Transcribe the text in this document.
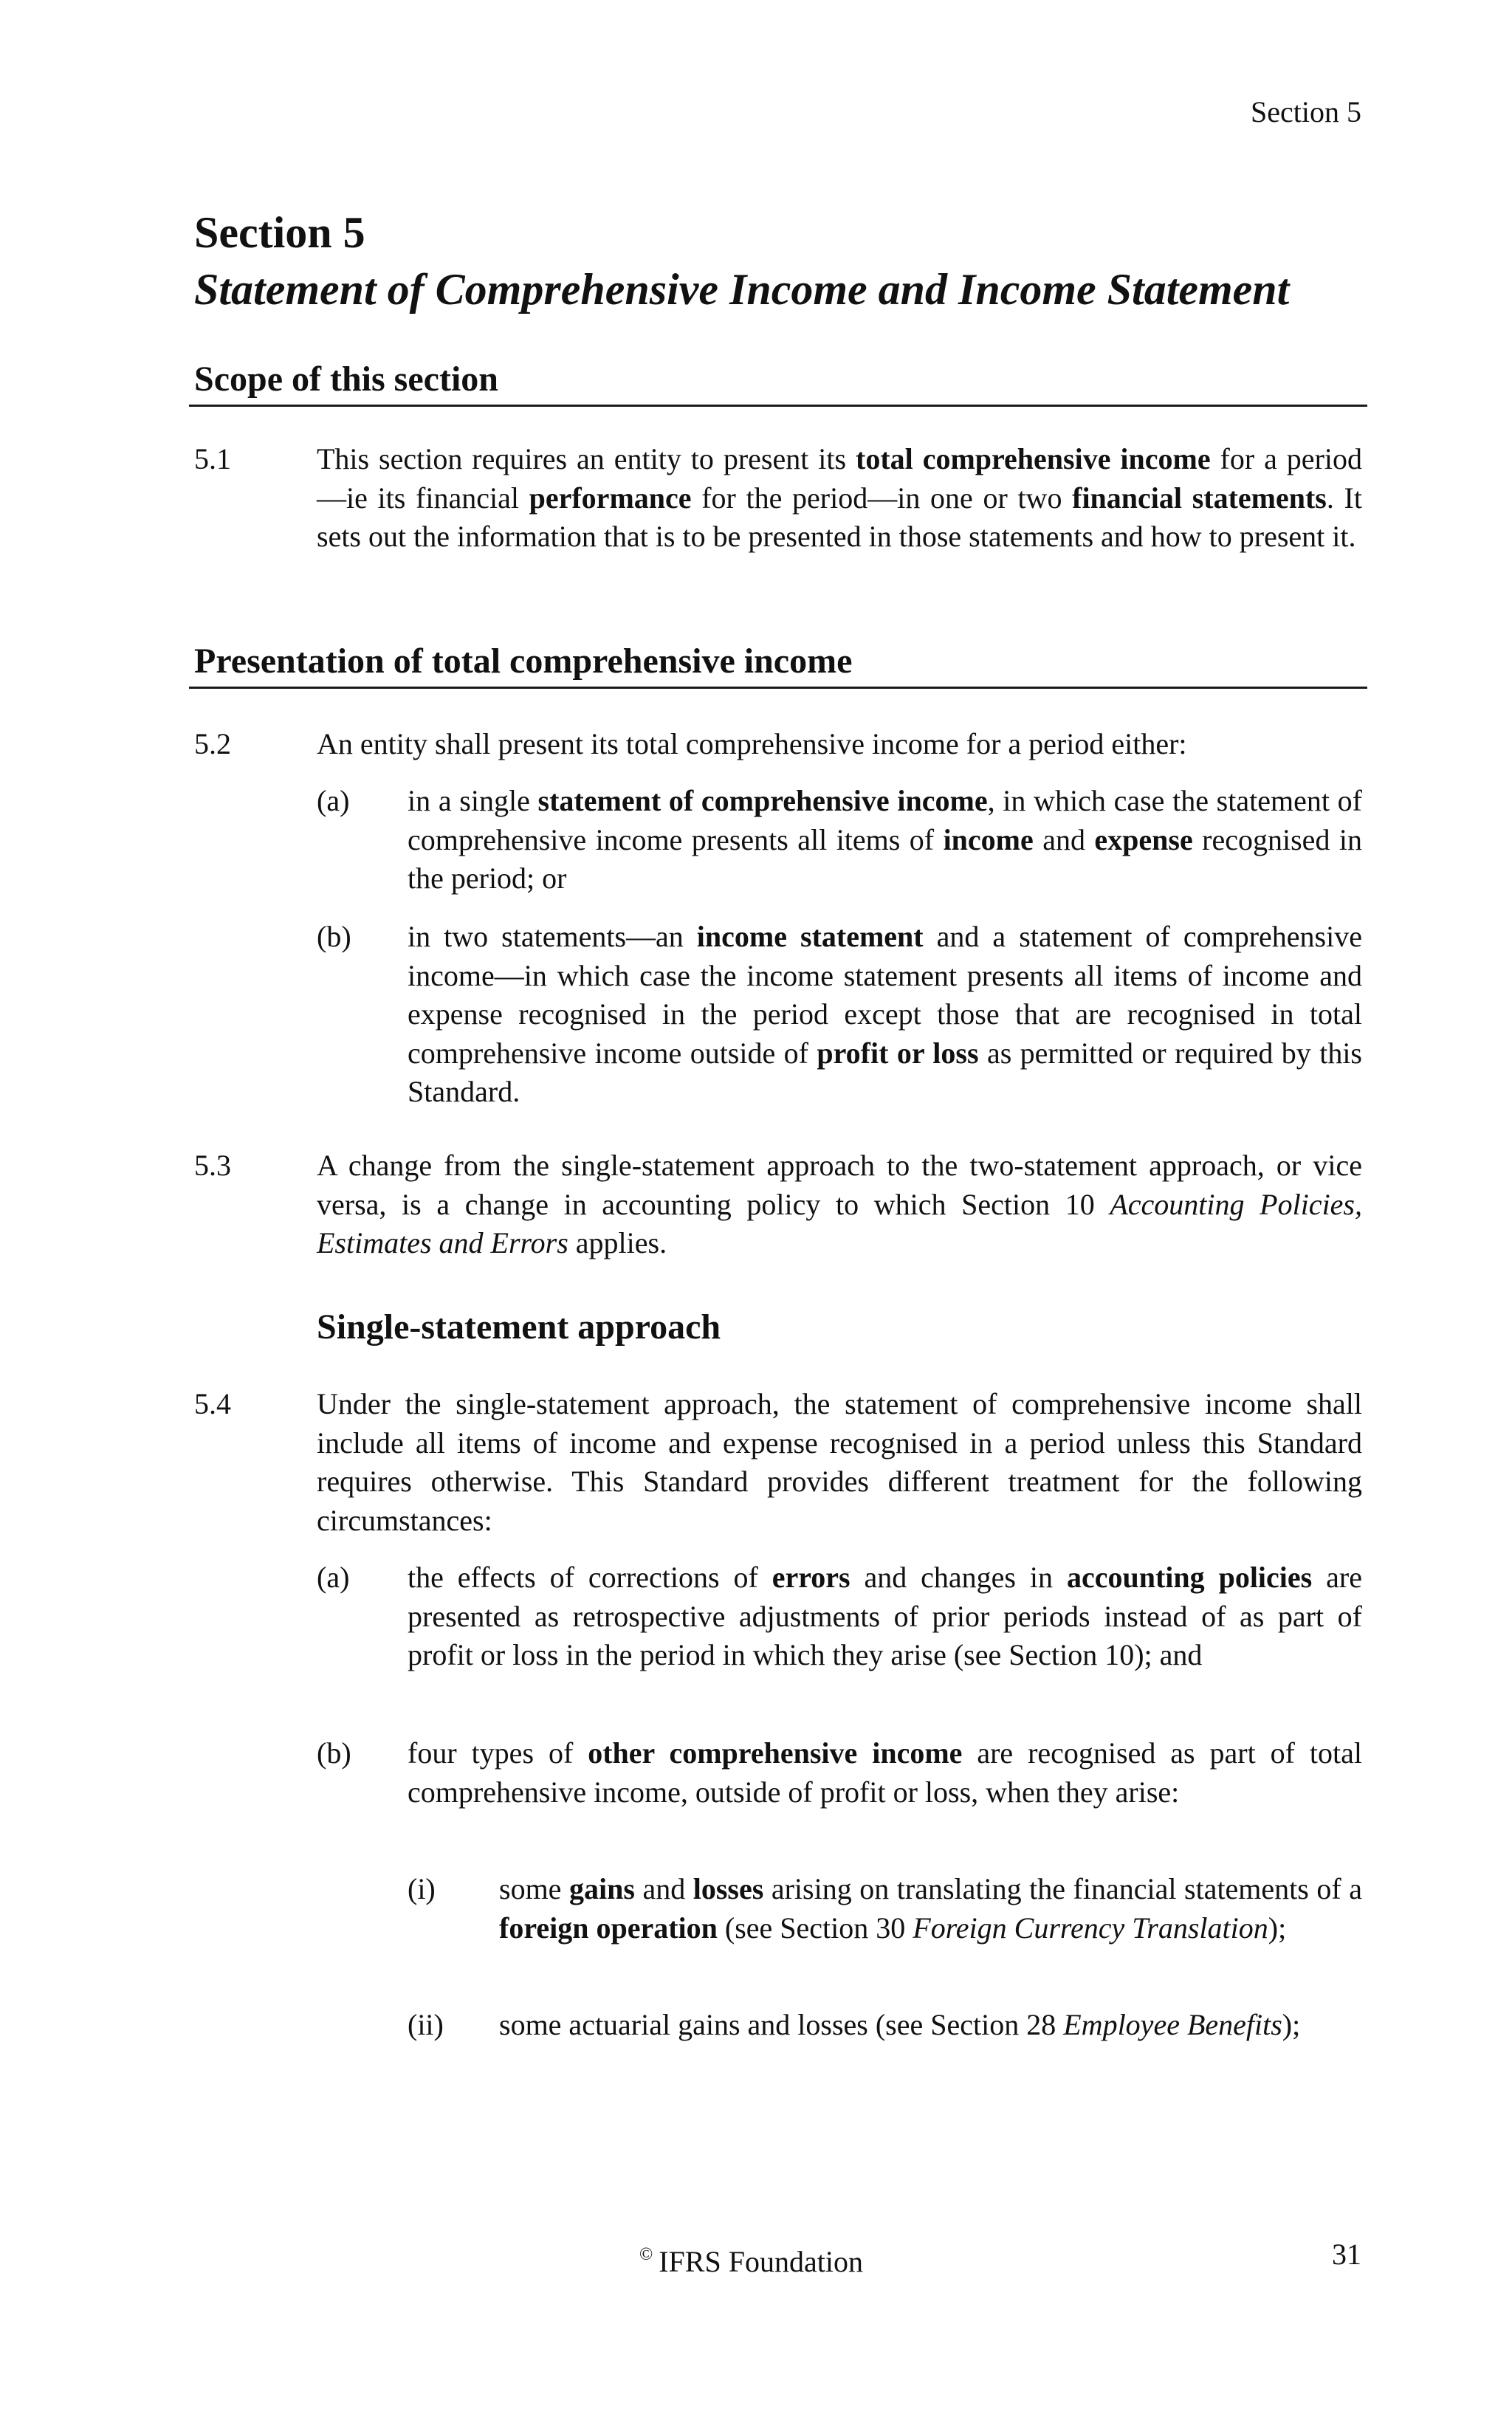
Section 5
Section 5
Statement of Comprehensive Income and Income Statement
Scope of this section
5.1	This section requires an entity to present its total comprehensive income for a period—ie its financial performance for the period—in one or two financial statements. It sets out the information that is to be presented in those statements and how to present it.
Presentation of total comprehensive income
5.2	An entity shall present its total comprehensive income for a period either:
(a) in a single statement of comprehensive income, in which case the statement of comprehensive income presents all items of income and expense recognised in the period; or
(b) in two statements—an income statement and a statement of comprehensive income—in which case the income statement presents all items of income and expense recognised in the period except those that are recognised in total comprehensive income outside of profit or loss as permitted or required by this Standard.
5.3	A change from the single-statement approach to the two-statement approach, or vice versa, is a change in accounting policy to which Section 10 Accounting Policies, Estimates and Errors applies.
Single-statement approach
5.4	Under the single-statement approach, the statement of comprehensive income shall include all items of income and expense recognised in a period unless this Standard requires otherwise. This Standard provides different treatment for the following circumstances:
(a) the effects of corrections of errors and changes in accounting policies are presented as retrospective adjustments of prior periods instead of as part of profit or loss in the period in which they arise (see Section 10); and
(b) four types of other comprehensive income are recognised as part of total comprehensive income, outside of profit or loss, when they arise:
(i) some gains and losses arising on translating the financial statements of a foreign operation (see Section 30 Foreign Currency Translation);
(ii) some actuarial gains and losses (see Section 28 Employee Benefits);
© IFRS Foundation	31
